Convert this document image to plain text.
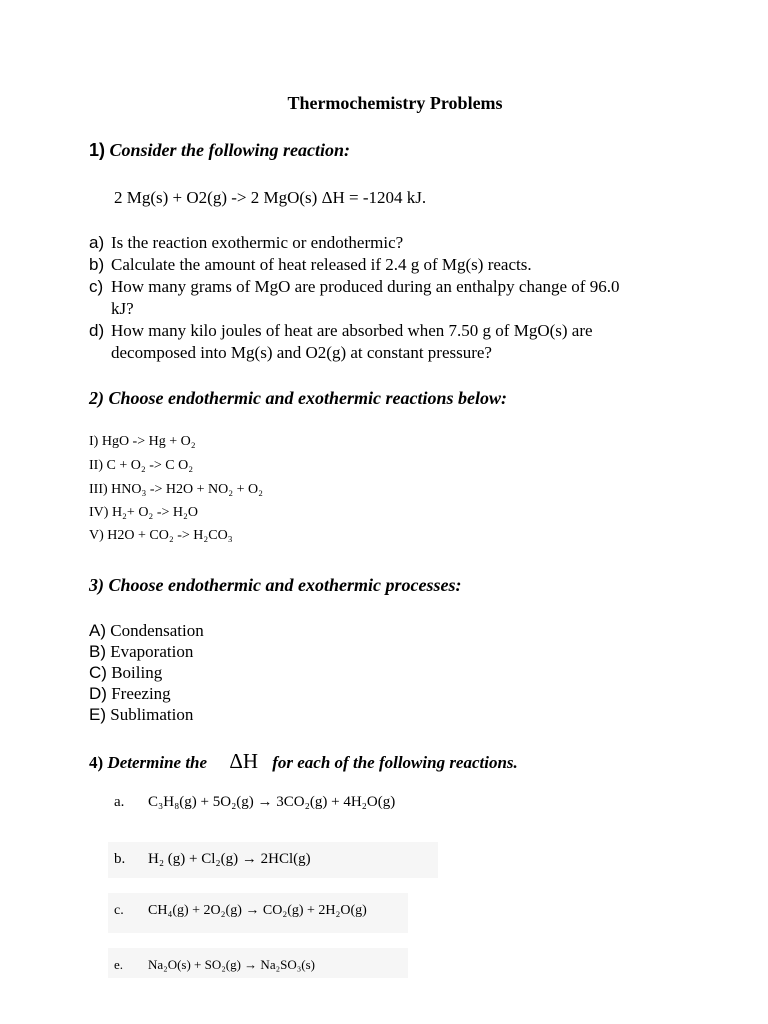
Thermochemistry Problems
1) Consider the following reaction:
2 Mg(s) + O2(g) -> 2 MgO(s) ΔH = -1204 kJ.
a) Is the reaction exothermic or endothermic?
b) Calculate the amount of heat released if 2.4 g of Mg(s) reacts.
c) How many grams of MgO are produced during an enthalpy change of 96.0
kJ?
d) How many kilo joules of heat are absorbed when 7.50 g of MgO(s) are
decomposed into Mg(s) and O2(g) at constant pressure?
2) Choose endothermic and exothermic reactions below:
I) HgO -> Hg + O₂
II) C + O₂ -> C O₂
III) HNO₃ -> H2O + NO₂ + O₂
IV) H₂+ O₂ -> H₂O
V) H2O + CO₂ -> H₂CO₃
3) Choose endothermic and exothermic processes:
A) Condensation
B) Evaporation
C) Boiling
D) Freezing
E) Sublimation
4) Determine the ΔH for each of the following reactions.
a. C₃H₈(g) + 5O₂(g) → 3CO₂(g) + 4H₂O(g)
b. H₂ (g) + Cl₂(g) → 2HCl(g)
c. CH₄(g) + 2O₂(g) → CO₂(g) + 2H₂O(g)
e. Na₂O(s) + SO₂(g) → Na₂SO₃(s)
